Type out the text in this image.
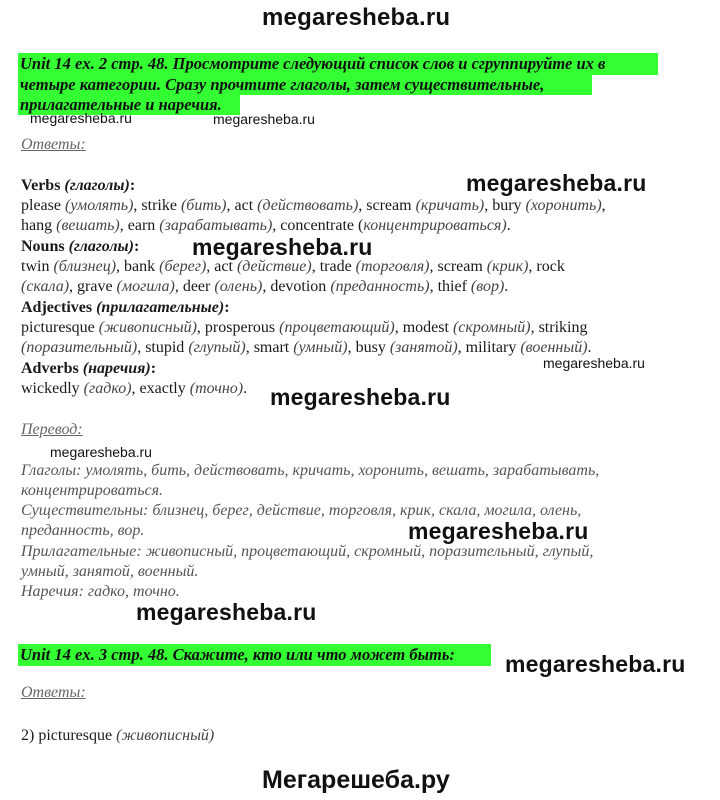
megaresheba.ru
Unit 14 ex. 2 стр. 48. Просмотрите следующий список слов и сгруппируйте их в
четыре категории. Сразу прочтите глаголы, затем существительные,
прилагательные и наречия.
megaresheba.ru	megaresheba.ru
Ответы:
megaresheba.ru
Verbs (глаголы):
please (умолять), strike (бить), act (действовать), scream (кричать), bury (хоронить),
hang (вешать), earn (зарабатывать), concentrate (концентрироваться).
Nouns (глаголы): megaresheba.ru
twin (близнец), bank (берег), act (действие), trade (торговля), scream (крик), rock
(скала), grave (могила), deer (олень), devotion (преданность), thief (вор).
Adjectives (прилагательные):
picturesque (живописный), prosperous (процветающий), modest (скромный), striking
(поразительный), stupid (глупый), smart (умный), busy (занятой), military (военный).
megaresheba.ru
Adverbs (наречия):
wickedly (гадко), exactly (точно). megaresheba.ru
Перевод:
megaresheba.ru
Глаголы: умолять, бить, действовать, кричать, хоронить, вешать, зарабатывать,
концентрироваться.
Существительны: близнец, берег, действие, торговля, крик, скала, могила, олень,
преданность, вор.	megaresheba.ru
Прилагательные: живописный, процветающий, скромный, поразительный, глупый,
умный, занятой, военный.
Наречия: гадко, точно.
megaresheba.ru
Unit 14 ex. 3 стр. 48. Скажите, кто или что может быть: megaresheba.ru
Ответы:
2) picturesque (живописный)
Мегарешеба.ру
